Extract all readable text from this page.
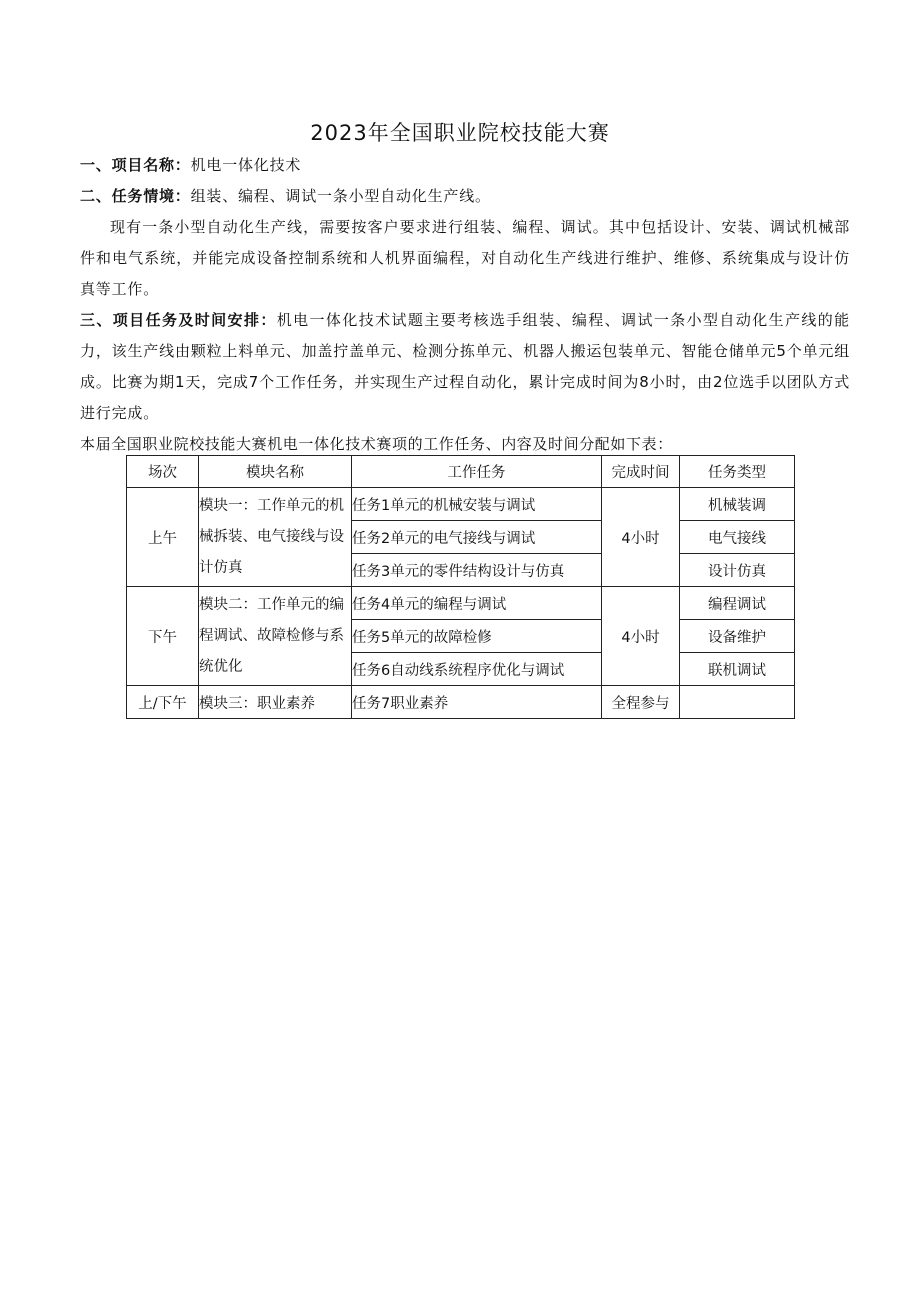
2023年全国职业院校技能大赛
一、项目名称：机电一体化技术
二、任务情境：组装、编程、调试一条小型自动化生产线。
现有一条小型自动化生产线，需要按客户要求进行组装、编程、调试。其中包括设计、安装、调试机械部件和电气系统，并能完成设备控制系统和人机界面编程，对自动化生产线进行维护、维修、系统集成与设计仿真等工作。
三、项目任务及时间安排：机电一体化技术试题主要考核选手组装、编程、调试一条小型自动化生产线的能力，该生产线由颗粒上料单元、加盖拧盖单元、检测分拣单元、机器人搬运包装单元、智能仓储单元5个单元组成。比赛为期1天，完成7个工作任务，并实现生产过程自动化，累计完成时间为8小时，由2位选手以团队方式进行完成。
本届全国职业院校技能大赛机电一体化技术赛项的工作任务、内容及时间分配如下表：
场次	模块名称	工作任务	完成时间	任务类型
上午	模块一：工作单元的机械拆装、电气接线与设计仿真	任务1单元的机械安装与调试	4小时	机械装调
		任务2单元的电气接线与调试		电气接线
		任务3单元的零件结构设计与仿真		设计仿真
下午	模块二：工作单元的编程调试、故障检修与系统优化	任务4单元的编程与调试	4小时	编程调试
		任务5单元的故障检修		设备维护
		任务6自动线系统程序优化与调试		联机调试
上/下午	模块三：职业素养	任务7职业素养	全程参与	
